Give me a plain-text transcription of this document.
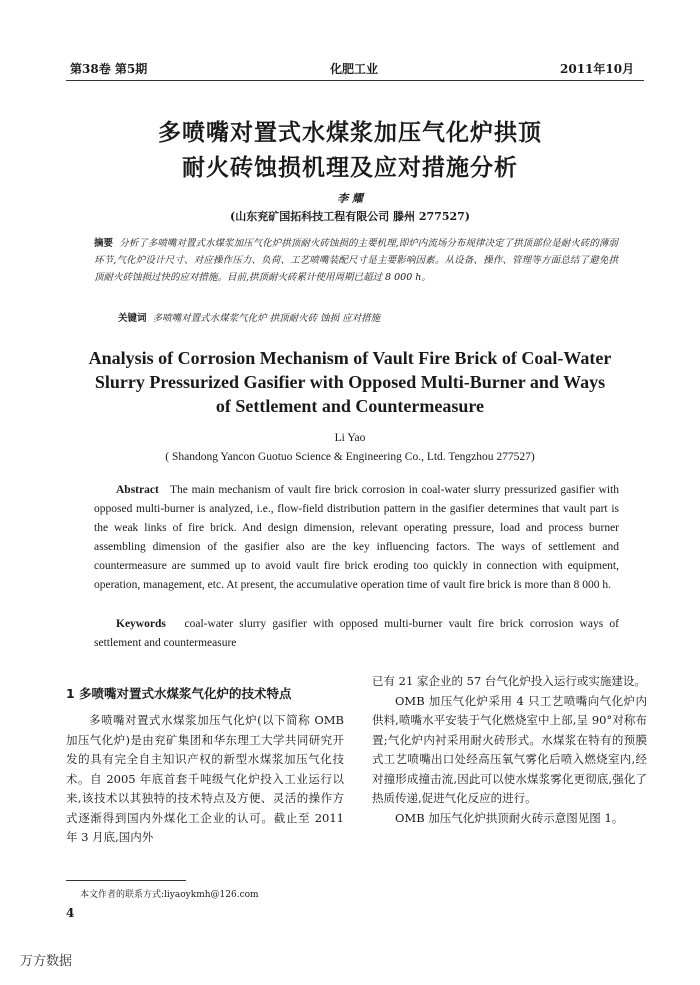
第38卷 第5期	化肥工业	2011年10月
多喷嘴对置式水煤浆加压气化炉拱顶
耐火砖蚀损机理及应对措施分析
李 耀
(山东兖矿国拓科技工程有限公司 滕州 277527)
摘要 分析了多喷嘴对置式水煤浆加压气化炉拱顶耐火砖蚀损的主要机理,即炉内流场分布规律决定了拱顶部位是耐火砖的薄弱环节,气化炉设计尺寸、对应操作压力、负荷、工艺喷嘴装配尺寸是主要影响因素。从设备、操作、管理等方面总结了避免拱顶耐火砖蚀损过快的应对措施。目前,拱顶耐火砖累计使用周期已超过 8 000 h。
关键词 多喷嘴对置式水煤浆气化炉 拱顶耐火砖 蚀损 应对措施
Analysis of Corrosion Mechanism of Vault Fire Brick of Coal-Water
Slurry Pressurized Gasifier with Opposed Multi-Burner and Ways
of Settlement and Countermeasure
Li Yao
( Shandong Yancon Guotuo Science & Engineering Co., Ltd. Tengzhou 277527)
Abstract The main mechanism of vault fire brick corrosion in coal-water slurry pressurized gasifier with opposed multi-burner is analyzed, i.e., flow-field distribution pattern in the gasifier determines that vault part is the weak links of fire brick. And design dimension, relevant operating pressure, load and process burner assembling dimension of the gasifier also are the key influencing factors. The ways of settlement and countermeasure are summed up to avoid vault fire brick eroding too quickly in connection with equipment, operation, management, etc. At present, the accumulative operation time of vault fire brick is more than 8 000 h.
Keywords coal-water slurry gasifier with opposed multi-burner vault fire brick corrosion ways of settlement and countermeasure
1 多喷嘴对置式水煤浆气化炉的技术特点

多喷嘴对置式水煤浆加压气化炉(以下简称 OMB 加压气化炉)是由兖矿集团和华东理工大学共同研究开发的具有完全自主知识产权的新型水煤浆加压气化技术。自 2005 年底首套千吨级气化炉投入工业运行以来,该技术以其独特的技术特点及方便、灵活的操作方式逐渐得到国内外煤化工企业的认可。截止至 2011 年 3 月底,国内外

已有 21 家企业的 57 台气化炉投入运行或实施建设。

OMB 加压气化炉采用 4 只工艺喷嘴向气化炉内供料,喷嘴水平安装于气化燃烧室中上部,呈 90°对称布置;气化炉内衬采用耐火砖形式。水煤浆在特有的预膜式工艺喷嘴出口处经高压氧气雾化后喷入燃烧室内,经对撞形成撞击流,因此可以使水煤浆雾化更彻底,强化了热质传递,促进气化反应的进行。

OMB 加压气化炉拱顶耐火砖示意图见图 1。

本文作者的联系方式:liyaoykmh@126.com
4
万方数据
